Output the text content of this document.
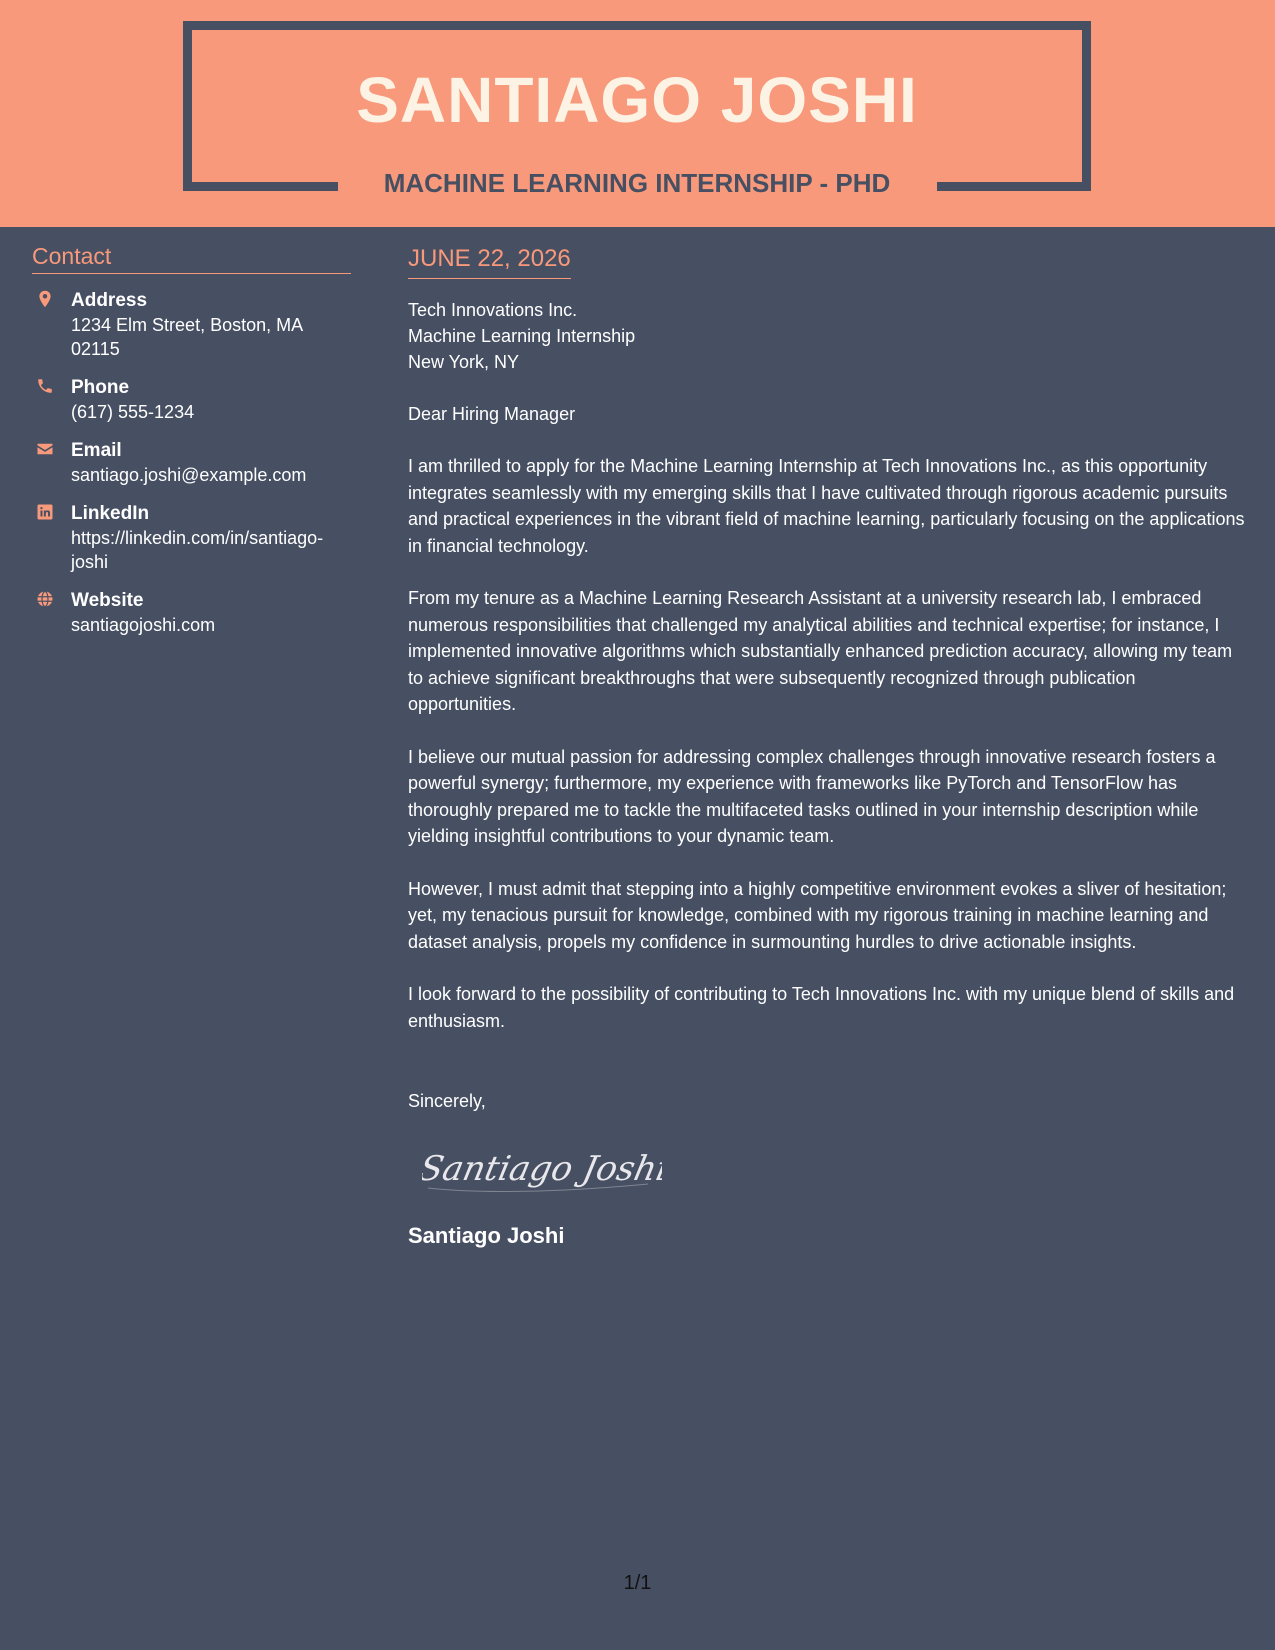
SANTIAGO JOSHI
MACHINE LEARNING INTERNSHIP - PHD
Contact
Address
1234 Elm Street, Boston, MA 02115
Phone
(617) 555-1234
Email
santiago.joshi@example.com
LinkedIn
https://linkedin.com/in/santiago-joshi
Website
santiagojoshi.com
JUNE 22, 2026
Tech Innovations Inc.
Machine Learning Internship
New York, NY
Dear Hiring Manager

I am thrilled to apply for the Machine Learning Internship at Tech Innovations Inc., as this opportunity integrates seamlessly with my emerging skills that I have cultivated through rigorous academic pursuits and practical experiences in the vibrant field of machine learning, particularly focusing on the applications in financial technology.

From my tenure as a Machine Learning Research Assistant at a university research lab, I embraced numerous responsibilities that challenged my analytical abilities and technical expertise; for instance, I implemented innovative algorithms which substantially enhanced prediction accuracy, allowing my team to achieve significant breakthroughs that were subsequently recognized through publication opportunities.

I believe our mutual passion for addressing complex challenges through innovative research fosters a powerful synergy; furthermore, my experience with frameworks like PyTorch and TensorFlow has thoroughly prepared me to tackle the multifaceted tasks outlined in your internship description while yielding insightful contributions to your dynamic team.

However, I must admit that stepping into a highly competitive environment evokes a sliver of hesitation; yet, my tenacious pursuit for knowledge, combined with my rigorous training in machine learning and dataset analysis, propels my confidence in surmounting hurdles to drive actionable insights.

I look forward to the possibility of contributing to Tech Innovations Inc. with my unique blend of skills and enthusiasm.

Sincerely,
Santiago Joshi
Santiago Joshi
1/1
